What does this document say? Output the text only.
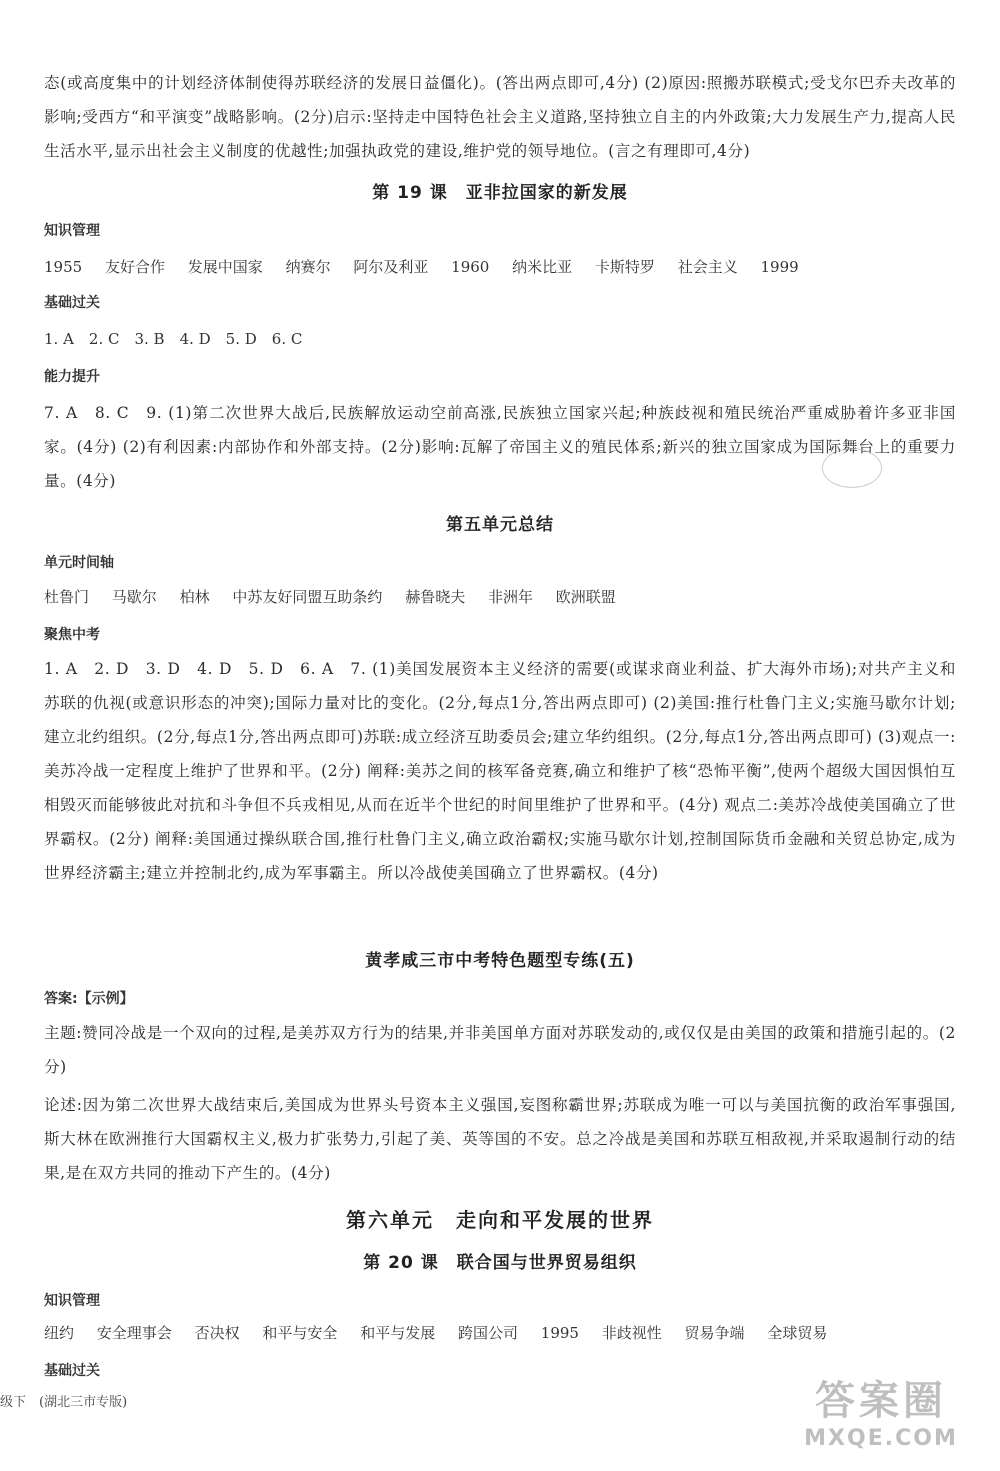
态(或高度集中的计划经济体制使得苏联经济的发展日益僵化)。(答出两点即可,4分) (2)原因:照搬苏联模式;受戈尔巴乔夫改革的影响;受西方“和平演变”战略影响。(2分)启示:坚持走中国特色社会主义道路,坚持独立自主的内外政策;大力发展生产力,提高人民生活水平,显示出社会主义制度的优越性;加强执政党的建设,维护党的领导地位。(言之有理即可,4分)
第 19 课　亚非拉国家的新发展
知识管理
1955 友好合作 发展中国家 纳赛尔 阿尔及利亚 1960 纳米比亚 卡斯特罗 社会主义 1999
基础过关
1. A　2. C　3. B　4. D　5. D　6. C
能力提升
7. A　8. C　9. (1)第二次世界大战后,民族解放运动空前高涨,民族独立国家兴起;种族歧视和殖民统治严重威胁着许多亚非国家。(4分) (2)有利因素:内部协作和外部支持。(2分)影响:瓦解了帝国主义的殖民体系;新兴的独立国家成为国际舞台上的重要力量。(4分)
第五单元总结
单元时间轴
杜鲁门 马歇尔 柏林 中苏友好同盟互助条约 赫鲁晓夫 非洲年 欧洲联盟
聚焦中考
1. A　2. D　3. D　4. D　5. D　6. A　7. (1)美国发展资本主义经济的需要(或谋求商业利益、扩大海外市场);对共产主义和苏联的仇视(或意识形态的冲突);国际力量对比的变化。(2分,每点1分,答出两点即可) (2)美国:推行杜鲁门主义;实施马歇尔计划;建立北约组织。(2分,每点1分,答出两点即可)苏联:成立经济互助委员会;建立华约组织。(2分,每点1分,答出两点即可) (3)观点一:美苏冷战一定程度上维护了世界和平。(2分) 阐释:美苏之间的核军备竞赛,确立和维护了核“恐怖平衡”,使两个超级大国因惧怕互相毁灭而能够彼此对抗和斗争但不兵戎相见,从而在近半个世纪的时间里维护了世界和平。(4分) 观点二:美苏冷战使美国确立了世界霸权。(2分) 阐释:美国通过操纵联合国,推行杜鲁门主义,确立政治霸权;实施马歇尔计划,控制国际货币金融和关贸总协定,成为世界经济霸主;建立并控制北约,成为军事霸主。所以冷战使美国确立了世界霸权。(4分)
黄孝咸三市中考特色题型专练(五)
答案:【示例】
主题:赞同冷战是一个双向的过程,是美苏双方行为的结果,并非美国单方面对苏联发动的,或仅仅是由美国的政策和措施引起的。(2分)
论述:因为第二次世界大战结束后,美国成为世界头号资本主义强国,妄图称霸世界;苏联成为唯一可以与美国抗衡的政治军事强国,斯大林在欧洲推行大国霸权主义,极力扩张势力,引起了美、英等国的不安。总之冷战是美国和苏联互相敌视,并采取遏制行动的结果,是在双方共同的推动下产生的。(4分)
第六单元　走向和平发展的世界
第 20 课　联合国与世界贸易组织
知识管理
纽约 安全理事会 否决权 和平与安全 和平与发展 跨国公司 1995 非歧视性 贸易争端 全球贸易
基础过关
级下　(湖北三市专版)	答案圈
MXQE.COM
